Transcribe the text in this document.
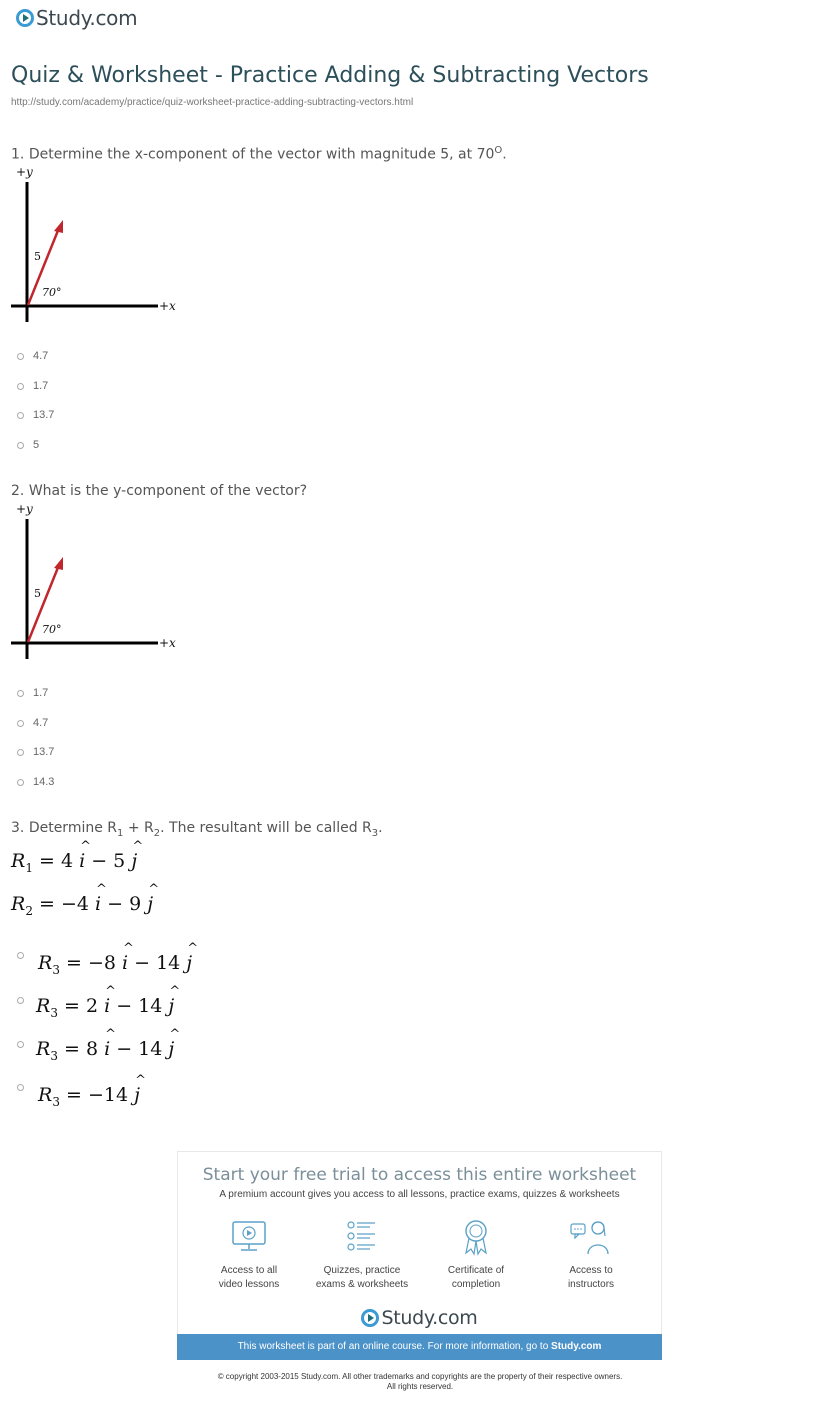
Study.com
Quiz & Worksheet - Practice Adding & Subtracting Vectors
http://study.com/academy/practice/quiz-worksheet-practice-adding-subtracting-vectors.html
1. Determine the x-component of the vector with magnitude 5, at $70^O$.
+y
+x
5
70°
4.7
1.7
13.7
5
2. What is the y-component of the vector?
+y
+x
5
70°
1.7
4.7
13.7
14.3
3. Determine $R_1 + R_2$. The resultant will be called $R_3$.
$R_1 = 4$ ^ i − 5 ^ j
$R_2 = -4$ ^ i − 9 ^ j
$R_3 = -8$ ^ i − 14 ^ j
$R_3 = 2$ ^ i − 14 ^ j
$R_3 = 8$ ^ i − 14 ^ j
$R_3 = -14$ ^ j
Start your free trial to access this entire worksheet
A premium account gives you access to all lessons, practice exams, quizzes & worksheets
Access to all
video lessons
Quizzes, practice
exams & worksheets
Certificate of
completion
Access to
instructors
Study.com
This worksheet is part of an online course. For more information, go to Study.com
© copyright 2003-2015 Study.com. All other trademarks and copyrights are the property of their respective owners.
All rights reserved.
